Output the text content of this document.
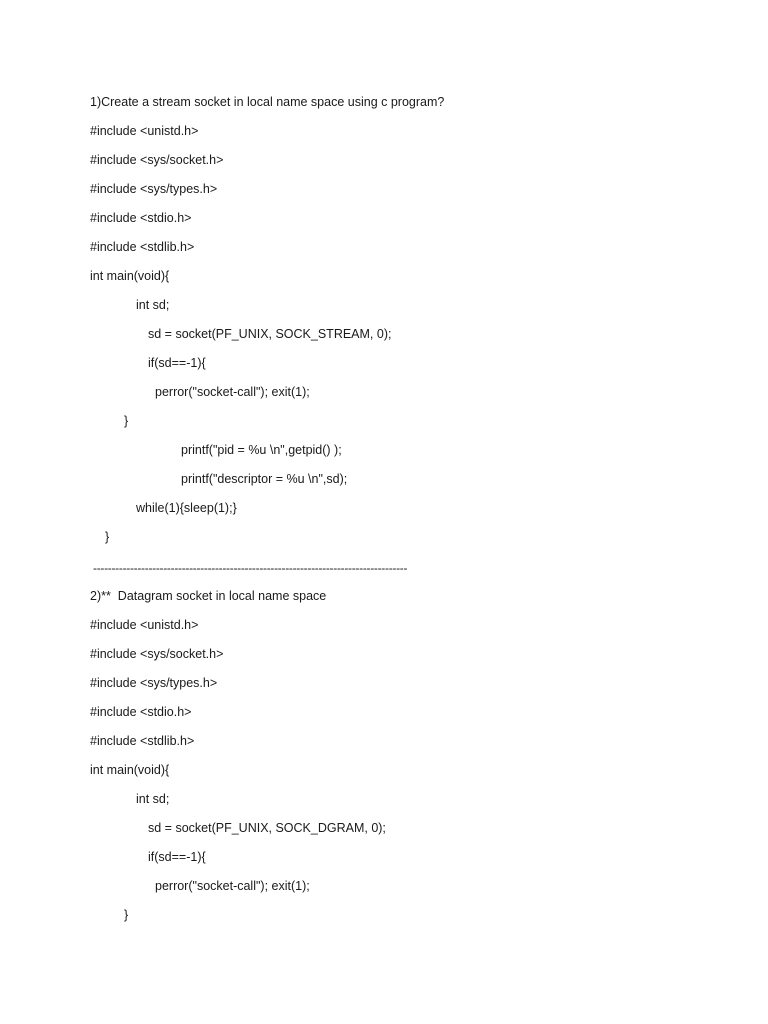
1)Create a stream socket in local name space using c program?
#include <unistd.h>
#include <sys/socket.h>
#include <sys/types.h>
#include <stdio.h>
#include <stdlib.h>
int main(void){
int sd;
sd = socket(PF_UNIX, SOCK_STREAM, 0);
if(sd==-1){
perror("socket-call"); exit(1);
}
printf("pid = %u \n",getpid() );
printf("descriptor = %u \n",sd);
while(1){sleep(1);}
}
-------------------------------------------------------------------------------------
2)**  Datagram socket in local name space
#include <unistd.h>
#include <sys/socket.h>
#include <sys/types.h>
#include <stdio.h>
#include <stdlib.h>
int main(void){
int sd;
sd = socket(PF_UNIX, SOCK_DGRAM, 0);
if(sd==-1){
perror("socket-call"); exit(1);
}
